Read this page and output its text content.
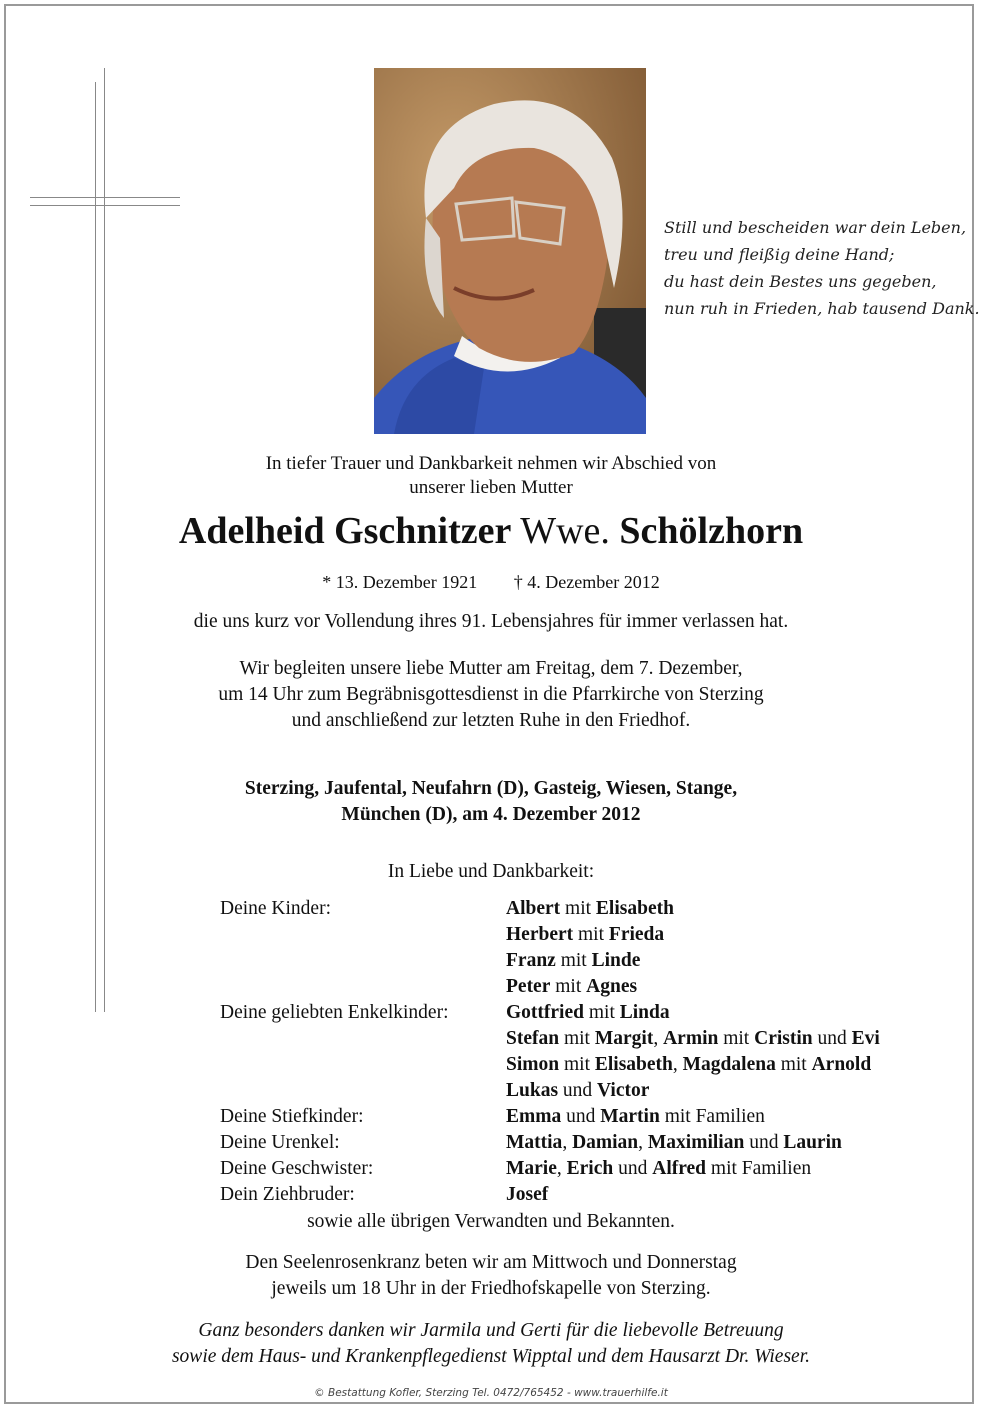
Still und bescheiden war dein Leben,
treu und fleißig deine Hand;
du hast dein Bestes uns gegeben,
nun ruh in Frieden, hab tausend Dank.
In tiefer Trauer und Dankbarkeit nehmen wir Abschied von
unserer lieben Mutter
Adelheid Gschnitzer Wwe. Schölzhorn
* 13. Dezember 1921 † 4. Dezember 2012
die uns kurz vor Vollendung ihres 91. Lebensjahres für immer verlassen hat.
Wir begleiten unsere liebe Mutter am Freitag, dem 7. Dezember,
um 14 Uhr zum Begräbnisgottesdienst in die Pfarrkirche von Sterzing
und anschließend zur letzten Ruhe in den Friedhof.
Sterzing, Jaufental, Neufahrn (D), Gasteig, Wiesen, Stange,
München (D), am 4. Dezember 2012
In Liebe und Dankbarkeit:
Deine Kinder:	Albert mit Elisabeth
Herbert mit Frieda
Franz mit Linde
Peter mit Agnes
Deine geliebten Enkelkinder:	Gottfried mit Linda
Stefan mit Margit, Armin mit Cristin und Evi
Simon mit Elisabeth, Magdalena mit Arnold
Lukas und Victor
Deine Stiefkinder:	Emma und Martin mit Familien
Deine Urenkel:	Mattia, Damian, Maximilian und Laurin
Deine Geschwister:	Marie, Erich und Alfred mit Familien
Dein Ziehbruder:	Josef
sowie alle übrigen Verwandten und Bekannten.
Den Seelenrosenkranz beten wir am Mittwoch und Donnerstag
jeweils um 18 Uhr in der Friedhofskapelle von Sterzing.
Ganz besonders danken wir Jarmila und Gerti für die liebevolle Betreuung
sowie dem Haus- und Krankenpflegedienst Wipptal und dem Hausarzt Dr. Wieser.
© Bestattung Kofler, Sterzing Tel. 0472/765452 - www.trauerhilfe.it
